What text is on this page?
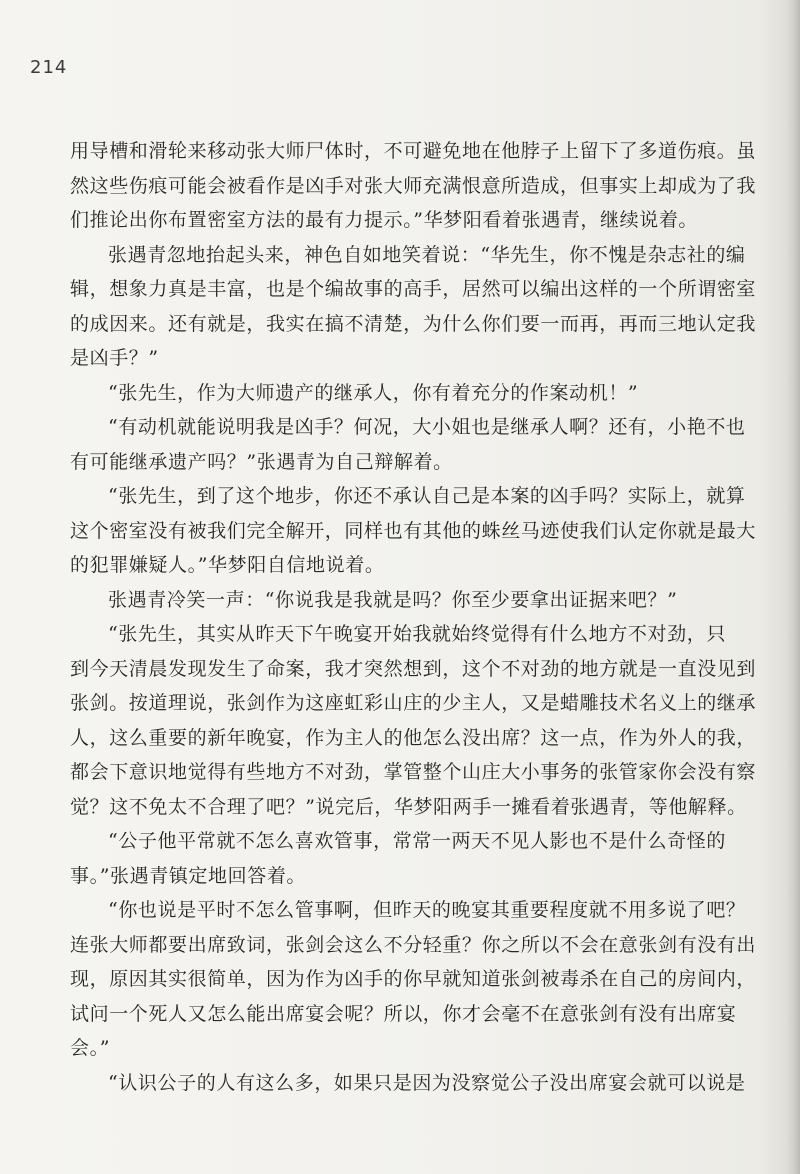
214
用导槽和滑轮来移动张大师尸体时，不可避免地在他脖子上留下了多道伤痕。虽
然这些伤痕可能会被看作是凶手对张大师充满恨意所造成，但事实上却成为了我
们推论出你布置密室方法的最有力提示。”华梦阳看着张遇青，继续说着。
张遇青忽地抬起头来，神色自如地笑着说：“华先生，你不愧是杂志社的编
辑，想象力真是丰富，也是个编故事的高手，居然可以编出这样的一个所谓密室
的成因来。还有就是，我实在搞不清楚，为什么你们要一而再，再而三地认定我
是凶手？”
“张先生，作为大师遗产的继承人，你有着充分的作案动机！”
“有动机就能说明我是凶手？何况，大小姐也是继承人啊？还有，小艳不也
有可能继承遗产吗？”张遇青为自己辩解着。
“张先生，到了这个地步，你还不承认自己是本案的凶手吗？实际上，就算
这个密室没有被我们完全解开，同样也有其他的蛛丝马迹使我们认定你就是最大
的犯罪嫌疑人。”华梦阳自信地说着。
张遇青冷笑一声：“你说我是我就是吗？你至少要拿出证据来吧？”
“张先生，其实从昨天下午晚宴开始我就始终觉得有什么地方不对劲，只
到今天清晨发现发生了命案，我才突然想到，这个不对劲的地方就是一直没见到
张剑。按道理说，张剑作为这座虹彩山庄的少主人，又是蜡雕技术名义上的继承
人，这么重要的新年晚宴，作为主人的他怎么没出席？这一点，作为外人的我，
都会下意识地觉得有些地方不对劲，掌管整个山庄大小事务的张管家你会没有察
觉？这不免太不合理了吧？”说完后，华梦阳两手一摊看着张遇青，等他解释。
“公子他平常就不怎么喜欢管事，常常一两天不见人影也不是什么奇怪的
事。”张遇青镇定地回答着。
“你也说是平时不怎么管事啊，但昨天的晚宴其重要程度就不用多说了吧？
连张大师都要出席致词，张剑会这么不分轻重？你之所以不会在意张剑有没有出
现，原因其实很简单，因为作为凶手的你早就知道张剑被毒杀在自己的房间内，
试问一个死人又怎么能出席宴会呢？所以，你才会毫不在意张剑有没有出席宴
会。”
“认识公子的人有这么多，如果只是因为没察觉公子没出席宴会就可以说是
